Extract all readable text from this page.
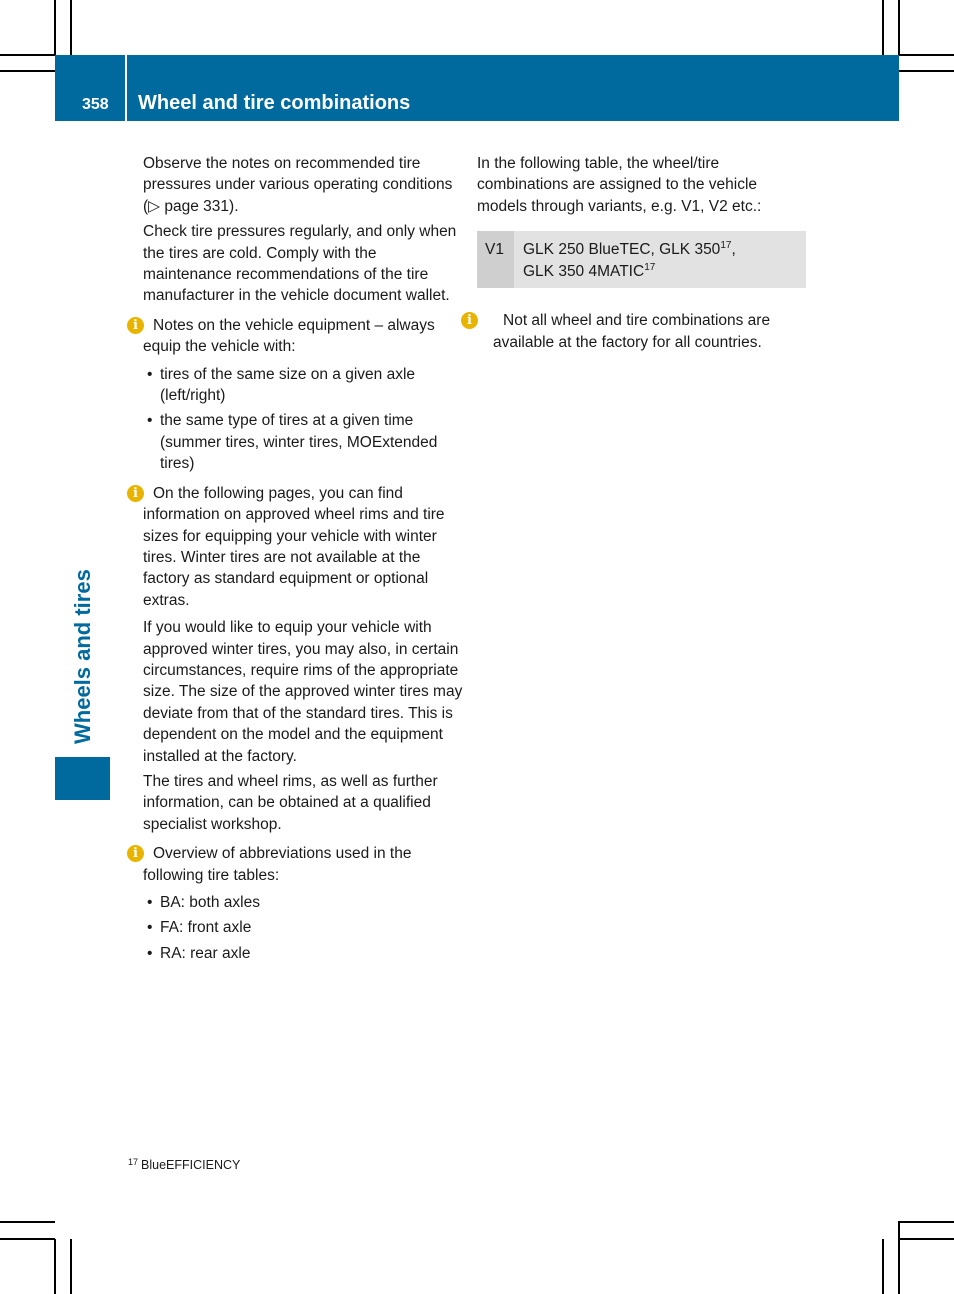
358 Wheel and tire combinations
Wheels and tires

Observe the notes on recommended tire pressures under various operating conditions (▷ page 331).

Check tire pressures regularly, and only when the tires are cold. Comply with the maintenance recommendations of the tire manufacturer in the vehicle document wallet.

i Notes on the vehicle equipment – always equip the vehicle with:
• tires of the same size on a given axle (left/right)
• the same type of tires at a given time (summer tires, winter tires, MOExtended tires)
i On the following pages, you can find information on approved wheel rims and tire sizes for equipping your vehicle with winter tires. Winter tires are not available at the factory as standard equipment or optional extras.

If you would like to equip your vehicle with approved winter tires, you may also, in certain circumstances, require rims of the appropriate size. The size of the approved winter tires may deviate from that of the standard tires. This is dependent on the model and the equipment installed at the factory.

The tires and wheel rims, as well as further information, can be obtained at a qualified specialist workshop.

i Overview of abbreviations used in the following tire tables:
• BA: both axles
• FA: front axle
• RA: rear axle

In the following table, the wheel/tire combinations are assigned to the vehicle models through variants, e.g. V1, V2 etc.:

V1	GLK 250 BlueTEC, GLK $350^{17}$,
GLK 350 4MATIC$^{17}$
i	Not all wheel and tire combinations are available at the factory for all countries.
$^{17}$ BlueEFFICIENCY
